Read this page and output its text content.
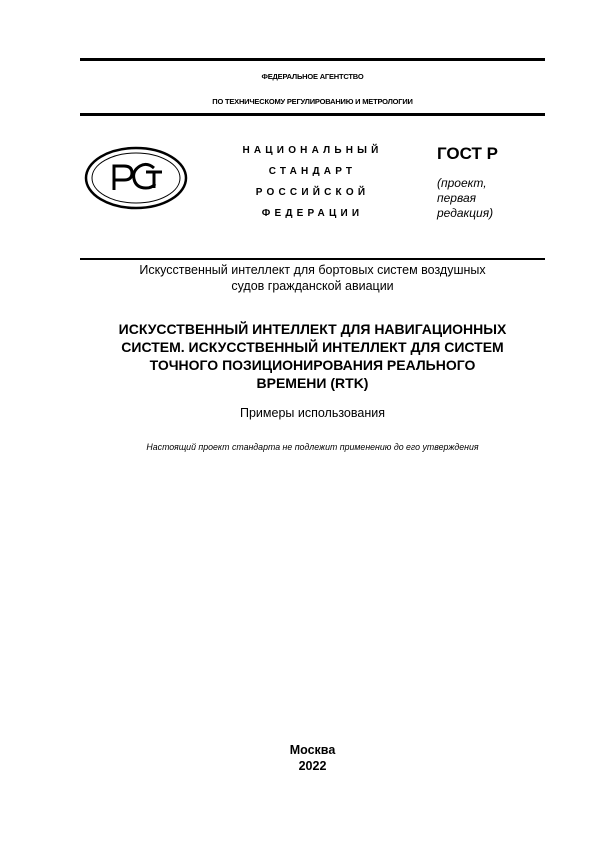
ФЕДЕРАЛЬНОЕ АГЕНТСТВО
ПО ТЕХНИЧЕСКОМУ РЕГУЛИРОВАНИЮ И МЕТРОЛОГИИ
НАЦИОНАЛЬНЫЙ
СТАНДАРТ
РОССИЙСКОЙ
ФЕДЕРАЦИИ
ГОСТ Р
(проект,
первая
редакция)
Искусственный интеллект для бортовых систем воздушных
судов гражданской авиации
ИСКУССТВЕННЫЙ ИНТЕЛЛЕКТ ДЛЯ НАВИГАЦИОННЫХ
СИСТЕМ. ИСКУССТВЕННЫЙ ИНТЕЛЛЕКТ ДЛЯ СИСТЕМ
ТОЧНОГО ПОЗИЦИОНИРОВАНИЯ РЕАЛЬНОГО
ВРЕМЕНИ (RTK)
Примеры использования
Настоящий проект стандарта не подлежит применению до его утверждения
Москва
2022
